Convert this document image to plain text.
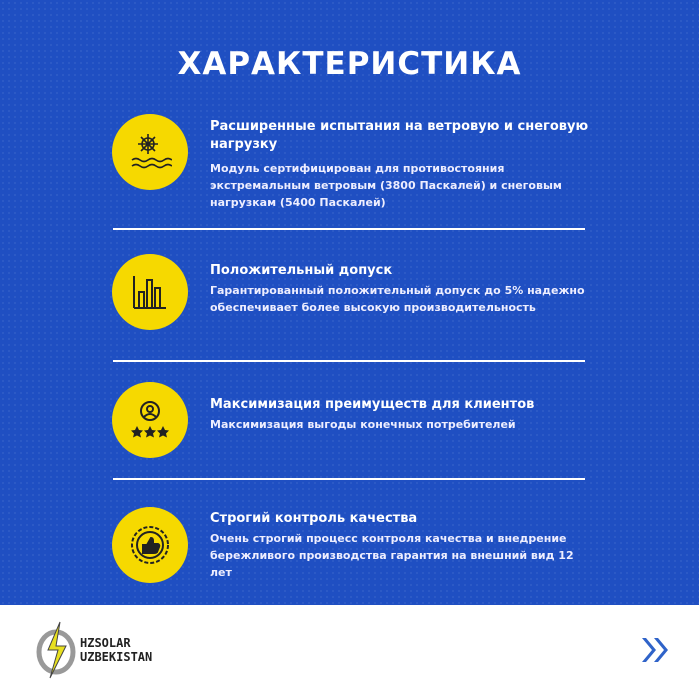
ХАРАКТЕРИСТИКА
Расширенные испытания на ветровую и снеговую нагрузку
Модуль сертифицирован для противостояния экстремальным ветровым (3800 Паскалей) и снеговым нагрузкам (5400 Паскалей)
Положительный допуск
Гарантированный положительный допуск до 5% надежно обеспечивает более высокую производительность
Максимизация преимуществ для клиентов
Максимизация выгоды конечных потребителей
Строгий контроль качества
Очень строгий процесс контроля качества и внедрение бережливого производства гарантия на внешний вид 12 лет
HZSOLAR
UZBEKISTAN
